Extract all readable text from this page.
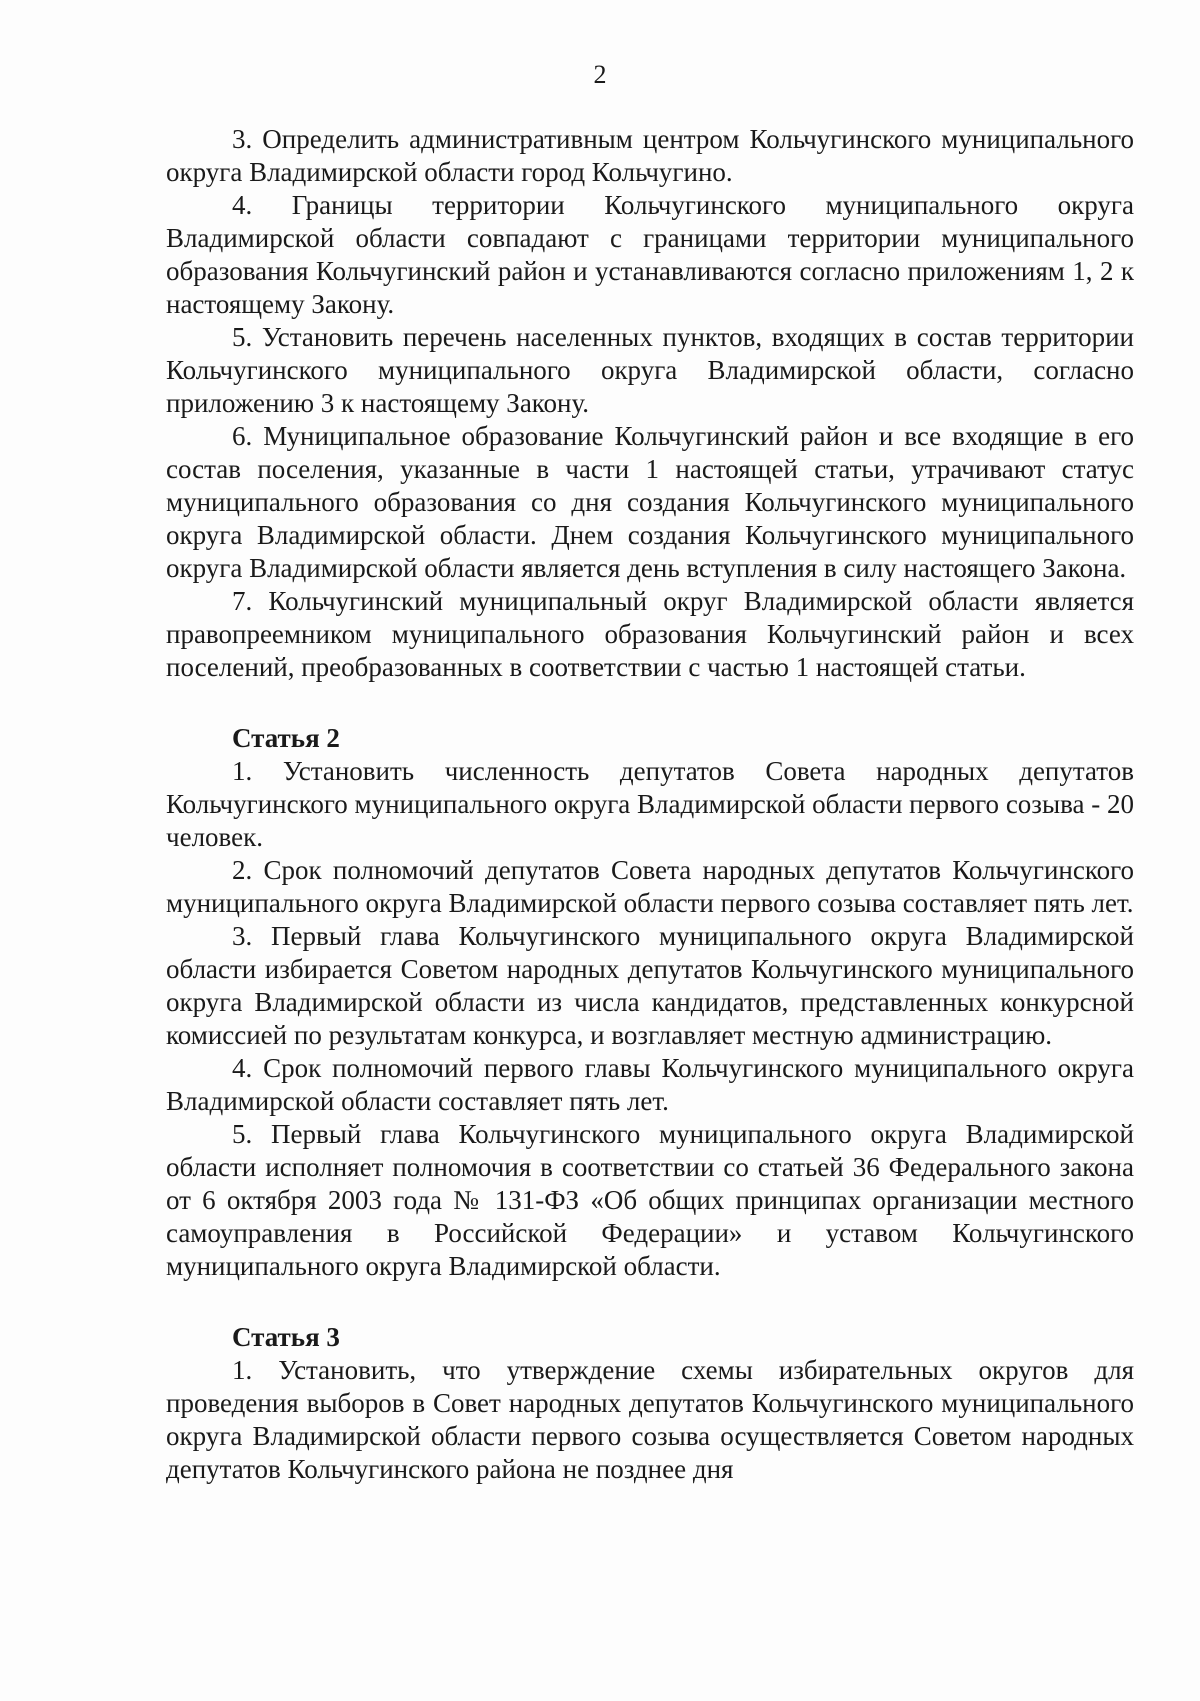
2

3. Определить административным центром Кольчугинского муниципального округа Владимирской области город Кольчугино.

4. Границы территории Кольчугинского муниципального округа Владимирской области совпадают с границами территории муниципального образования Кольчугинский район и устанавливаются согласно приложениям 1, 2 к настоящему Закону.

5. Установить перечень населенных пунктов, входящих в состав территории Кольчугинского муниципального округа Владимирской области, согласно приложению 3 к настоящему Закону.

6. Муниципальное образование Кольчугинский район и все входящие в его состав поселения, указанные в части 1 настоящей статьи, утрачивают статус муниципального образования со дня создания Кольчугинского муниципального округа Владимирской области. Днем создания Кольчугинского муниципального округа Владимирской области является день вступления в силу настоящего Закона.

7. Кольчугинский муниципальный округ Владимирской области является правопреемником муниципального образования Кольчугинский район и всех поселений, преобразованных в соответствии с частью 1 настоящей статьи.

Статья 2

1. Установить численность депутатов Совета народных депутатов Кольчугинского муниципального округа Владимирской области первого созыва - 20 человек.

2. Срок полномочий депутатов Совета народных депутатов Кольчугинского муниципального округа Владимирской области первого созыва составляет пять лет.

3. Первый глава Кольчугинского муниципального округа Владимирской области избирается Советом народных депутатов Кольчугинского муниципального округа Владимирской области из числа кандидатов, представленных конкурсной комиссией по результатам конкурса, и возглавляет местную администрацию.

4. Срок полномочий первого главы Кольчугинского муниципального округа Владимирской области составляет пять лет.

5. Первый глава Кольчугинского муниципального округа Владимирской области исполняет полномочия в соответствии со статьей 36 Федерального закона от 6 октября 2003 года № 131-ФЗ «Об общих принципах организации местного самоуправления в Российской Федерации» и уставом Кольчугинского муниципального округа Владимирской области.

Статья 3

1. Установить, что утверждение схемы избирательных округов для проведения выборов в Совет народных депутатов Кольчугинского муниципального округа Владимирской области первого созыва осуществляется Советом народных депутатов Кольчугинского района не позднее дня
